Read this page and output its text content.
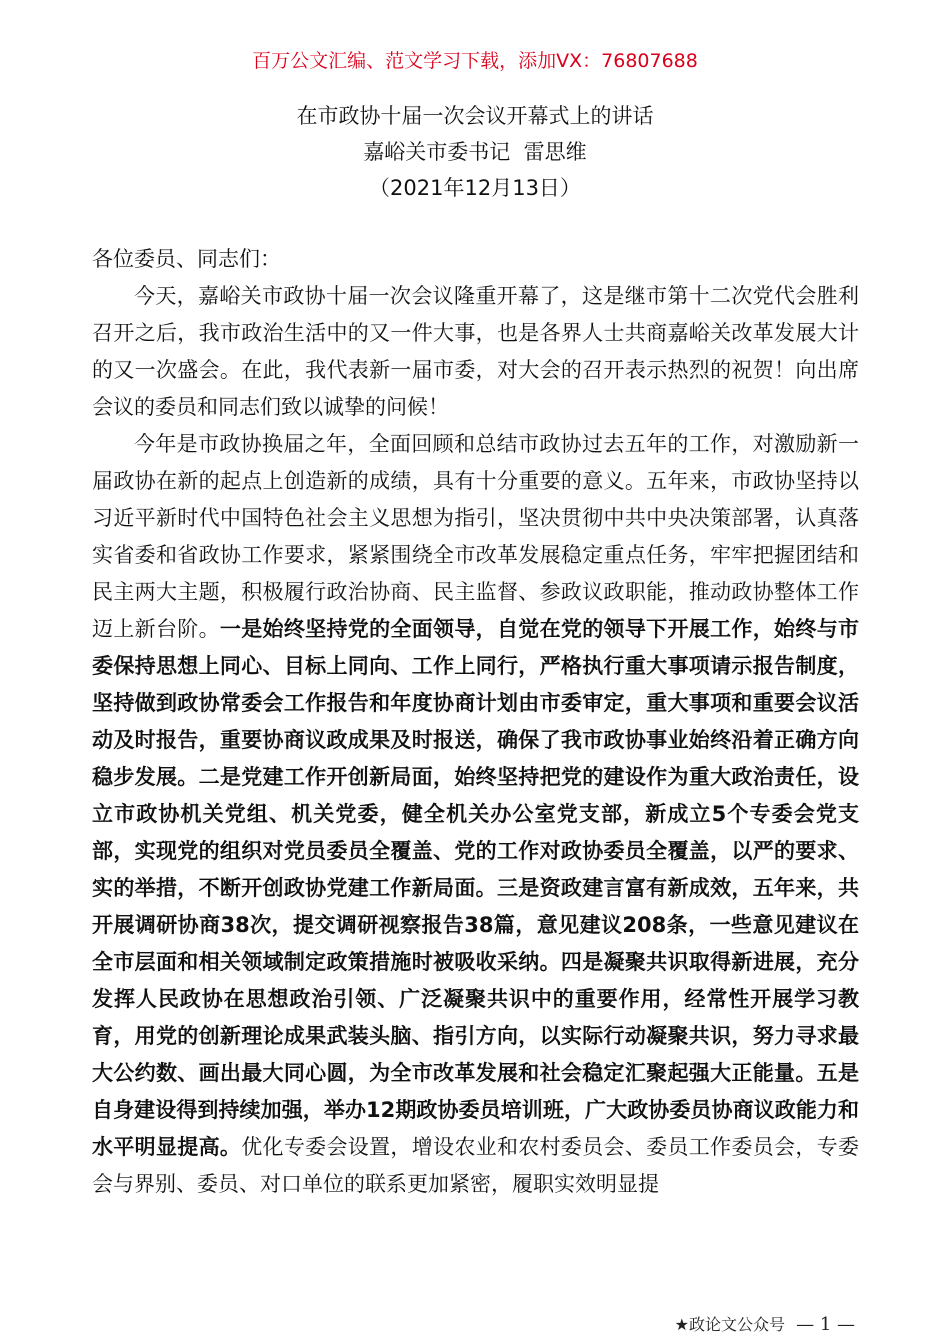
百万公文汇编、范文学习下载，添加VX：76807688
在市政协十届一次会议开幕式上的讲话
嘉峪关市委书记  雷思维
（2021年12月13日）

各位委员、同志们：

今天，嘉峪关市政协十届一次会议隆重开幕了，这是继市第十二次党代会胜利召开之后，我市政治生活中的又一件大事，也是各界人士共商嘉峪关改革发展大计的又一次盛会。在此，我代表新一届市委，对大会的召开表示热烈的祝贺！向出席会议的委员和同志们致以诚挚的问候！

今年是市政协换届之年，全面回顾和总结市政协过去五年的工作，对激励新一届政协在新的起点上创造新的成绩，具有十分重要的意义。五年来，市政协坚持以习近平新时代中国特色社会主义思想为指引，坚决贯彻中共中央决策部署，认真落实省委和省政协工作要求，紧紧围绕全市改革发展稳定重点任务，牢牢把握团结和民主两大主题，积极履行政治协商、民主监督、参政议政职能，推动政协整体工作迈上新台阶。一是始终坚持党的全面领导，自觉在党的领导下开展工作，始终与市委保持思想上同心、目标上同向、工作上同行，严格执行重大事项请示报告制度，坚持做到政协常委会工作报告和年度协商计划由市委审定，重大事项和重要会议活动及时报告，重要协商议政成果及时报送，确保了我市政协事业始终沿着正确方向稳步发展。二是党建工作开创新局面，始终坚持把党的建设作为重大政治责任，设立市政协机关党组、机关党委，健全机关办公室党支部，新成立5个专委会党支部，实现党的组织对党员委员全覆盖、党的工作对政协委员全覆盖，以严的要求、实的举措，不断开创政协党建工作新局面。三是资政建言富有新成效，五年来，共开展调研协商38次，提交调研视察报告38篇，意见建议208条，一些意见建议在全市层面和相关领域制定政策措施时被吸收采纳。四是凝聚共识取得新进展，充分发挥人民政协在思想政治引领、广泛凝聚共识中的重要作用，经常性开展学习教育，用党的创新理论成果武装头脑、指引方向，以实际行动凝聚共识，努力寻求最大公约数、画出最大同心圆，为全市改革发展和社会稳定汇聚起强大正能量。五是自身建设得到持续加强，举办12期政协委员培训班，广大政协委员协商议政能力和水平明显提高。优化专委会设置，增设农业和农村委员会、委员工作委员会，专委会与界别、委员、对口单位的联系更加紧密，履职实效明显提

★政论文公众号 — 1 —
